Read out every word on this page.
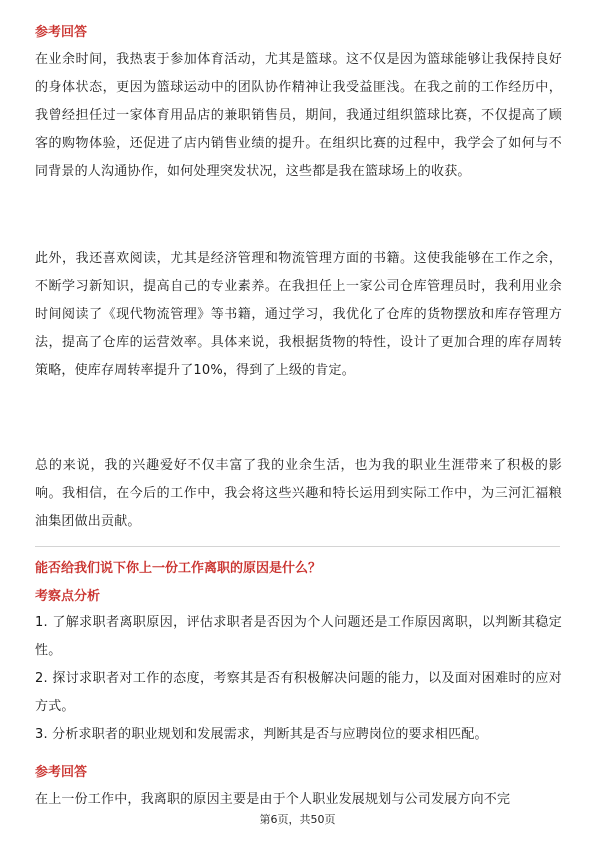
参考回答
在业余时间，我热衷于参加体育活动，尤其是篮球。这不仅是因为篮球能够让我保持良好的身体状态，更因为篮球运动中的团队协作精神让我受益匪浅。在我之前的工作经历中，我曾经担任过一家体育用品店的兼职销售员，期间，我通过组织篮球比赛，不仅提高了顾客的购物体验，还促进了店内销售业绩的提升。在组织比赛的过程中，我学会了如何与不同背景的人沟通协作，如何处理突发状况，这些都是我在篮球场上的收获。
此外，我还喜欢阅读，尤其是经济管理和物流管理方面的书籍。这使我能够在工作之余，不断学习新知识，提高自己的专业素养。在我担任上一家公司仓库管理员时，我利用业余时间阅读了《现代物流管理》等书籍，通过学习，我优化了仓库的货物摆放和库存管理方法，提高了仓库的运营效率。具体来说，我根据货物的特性，设计了更加合理的库存周转策略，使库存周转率提升了10%，得到了上级的肯定。
总的来说，我的兴趣爱好不仅丰富了我的业余生活，也为我的职业生涯带来了积极的影响。我相信，在今后的工作中，我会将这些兴趣和特长运用到实际工作中，为三河汇福粮油集团做出贡献。
能否给我们说下你上一份工作离职的原因是什么？
考察点分析
1. 了解求职者离职原因，评估求职者是否因为个人问题还是工作原因离职，以判断其稳定性。
2. 探讨求职者对工作的态度，考察其是否有积极解决问题的能力，以及面对困难时的应对方式。
3. 分析求职者的职业规划和发展需求，判断其是否与应聘岗位的要求相匹配。
参考回答
在上一份工作中，我离职的原因主要是由于个人职业发展规划与公司发展方向不完
第6页，共50页
